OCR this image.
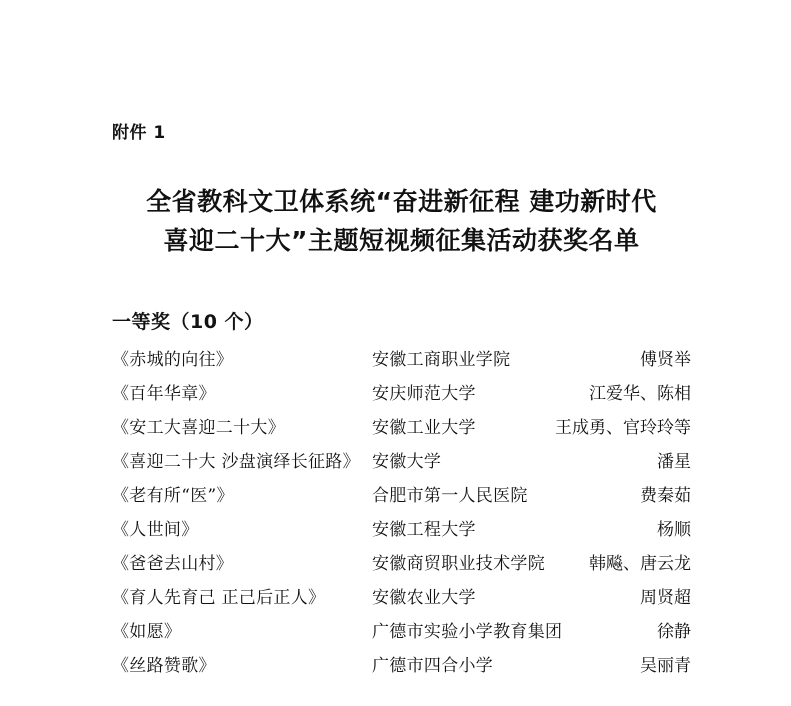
附件 1
全省教科文卫体系统“奋进新征程 建功新时代
喜迎二十大”主题短视频征集活动获奖名单
一等奖（10 个）
《赤城的向往》	安徽工商职业学院	傅贤举
《百年华章》	安庆师范大学	江爱华、陈相
《安工大喜迎二十大》	安徽工业大学	王成勇、官玲玲等
《喜迎二十大 沙盘演绎长征路》 安徽大学	潘星
《老有所“医”》	合肥市第一人民医院	费秦茹
《人世间》	安徽工程大学	杨顺
《爸爸去山村》	安徽商贸职业技术学院	韩飚、唐云龙
《育人先育己 正己后正人》	安徽农业大学	周贤超
《如愿》	广德市实验小学教育集团	徐静
《丝路赞歌》	广德市四合小学	吴丽青
